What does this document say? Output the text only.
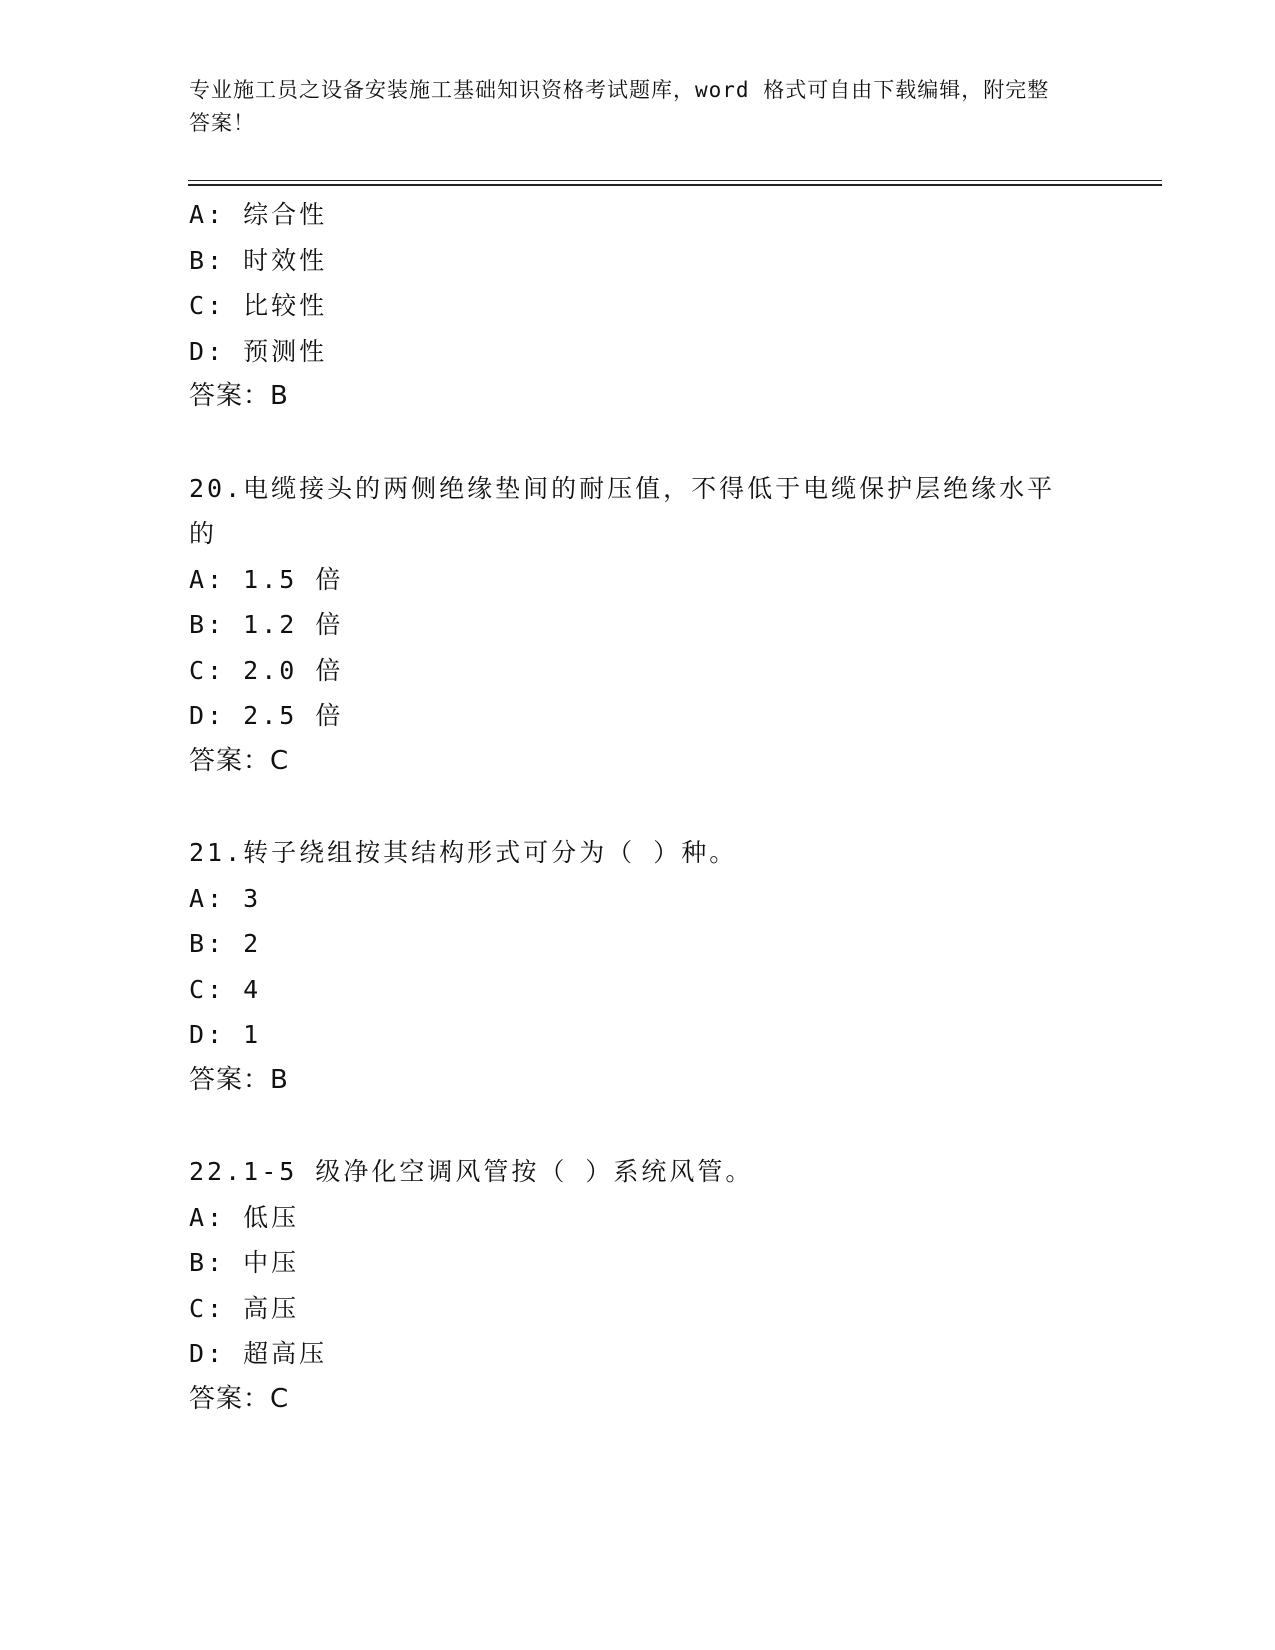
专业施工员之设备安装施工基础知识资格考试题库，word 格式可自由下载编辑，附完整答案！
A: 综合性
B: 时效性
C: 比较性
D: 预测性
答案：B
20.电缆接头的两侧绝缘垫间的耐压值，不得低于电缆保护层绝缘水平的
A: 1.5 倍
B: 1.2 倍
C: 2.0 倍
D: 2.5 倍
答案：C
21.转子绕组按其结构形式可分为（ ）种。
A: 3
B: 2
C: 4
D: 1
答案：B
22.1-5 级净化空调风管按（ ）系统风管。
A: 低压
B: 中压
C: 高压
D: 超高压
答案：C
